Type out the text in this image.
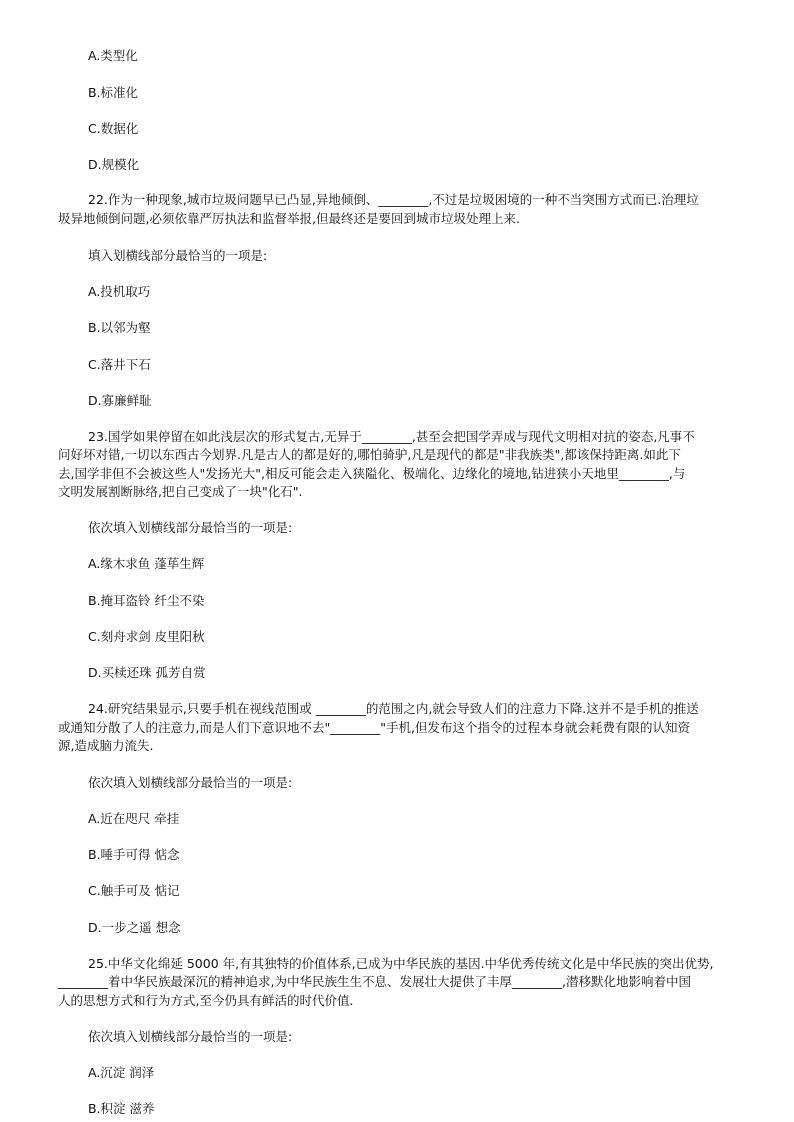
A.类型化
B.标准化
C.数据化
D.规模化
22.作为一种现象,城市垃圾问题早已凸显,异地倾倒、________,不过是垃圾困境的一种不当突围方式而已.治理垃
圾异地倾倒问题,必须依靠严厉执法和监督举报,但最终还是要回到城市垃圾处理上来.
填入划横线部分最恰当的一项是:
A.投机取巧
B.以邻为壑
C.落井下石
D.寡廉鲜耻
23.国学如果停留在如此浅层次的形式复古,无异于________,甚至会把国学弄成与现代文明相对抗的姿态,凡事不
问好坏对错,一切以东西古今划界.凡是古人的都是好的,哪怕骑驴,凡是现代的都是"非我族类",都该保持距离.如此下
去,国学非但不会被这些人"发扬光大",相反可能会走入狭隘化、极端化、边缘化的境地,钻进狭小天地里________,与
文明发展割断脉络,把自己变成了一块"化石".
依次填入划横线部分最恰当的一项是:
A.缘木求鱼 蓬荜生辉
B.掩耳盗铃 纤尘不染
C.刻舟求剑 皮里阳秋
D.买椟还珠 孤芳自赏
24.研究结果显示,只要手机在视线范围或 ________的范围之内,就会导致人们的注意力下降.这并不是手机的推送
或通知分散了人的注意力,而是人们下意识地不去"________"手机,但发布这个指令的过程本身就会耗费有限的认知资
源,造成脑力流失.
依次填入划横线部分最恰当的一项是:
A.近在咫尺 牵挂
B.唾手可得 惦念
C.触手可及 惦记
D.一步之遥 想念
25.中华文化绵延 5000 年,有其独特的价值体系,已成为中华民族的基因.中华优秀传统文化是中华民族的突出优势,
________着中华民族最深沉的精神追求,为中华民族生生不息、发展壮大提供了丰厚________,潜移默化地影响着中国
人的思想方式和行为方式,至今仍具有鲜活的时代价值.
依次填入划横线部分最恰当的一项是:
A.沉淀 润泽
B.积淀 滋养
